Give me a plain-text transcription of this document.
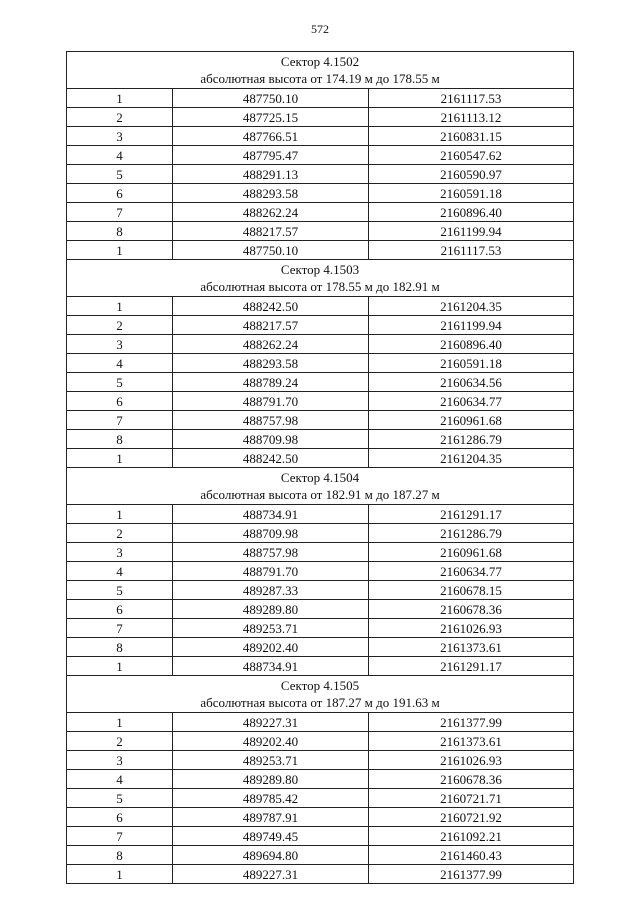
572
Сектор 4.1502
абсолютная высота от 174.19 м до 178.55 м		

1	487750.10	2161117.53
2	487725.15	2161113.12
3	487766.51	2160831.15
4	487795.47	2160547.62
5	488291.13	2160590.97
6	488293.58	2160591.18
7	488262.24	2160896.40
8	488217.57	2161199.94
1	487750.10	2161117.53

Сектор 4.1503
абсолютная высота от 178.55 м до 182.91 м		

1	488242.50	2161204.35
2	488217.57	2161199.94
3	488262.24	2160896.40
4	488293.58	2160591.18
5	488789.24	2160634.56
6	488791.70	2160634.77
7	488757.98	2160961.68
8	488709.98	2161286.79
1	488242.50	2161204.35

Сектор 4.1504
абсолютная высота от 182.91 м до 187.27 м		

1	488734.91	2161291.17
2	488709.98	2161286.79
3	488757.98	2160961.68
4	488791.70	2160634.77
5	489287.33	2160678.15
6	489289.80	2160678.36
7	489253.71	2161026.93
8	489202.40	2161373.61
1	488734.91	2161291.17

Сектор 4.1505
абсолютная высота от 187.27 м до 191.63 м		

1	489227.31	2161377.99
2	489202.40	2161373.61
3	489253.71	2161026.93
4	489289.80	2160678.36
5	489785.42	2160721.71
6	489787.91	2160721.92
7	489749.45	2161092.21
8	489694.80	2161460.43
1	489227.31	2161377.99
